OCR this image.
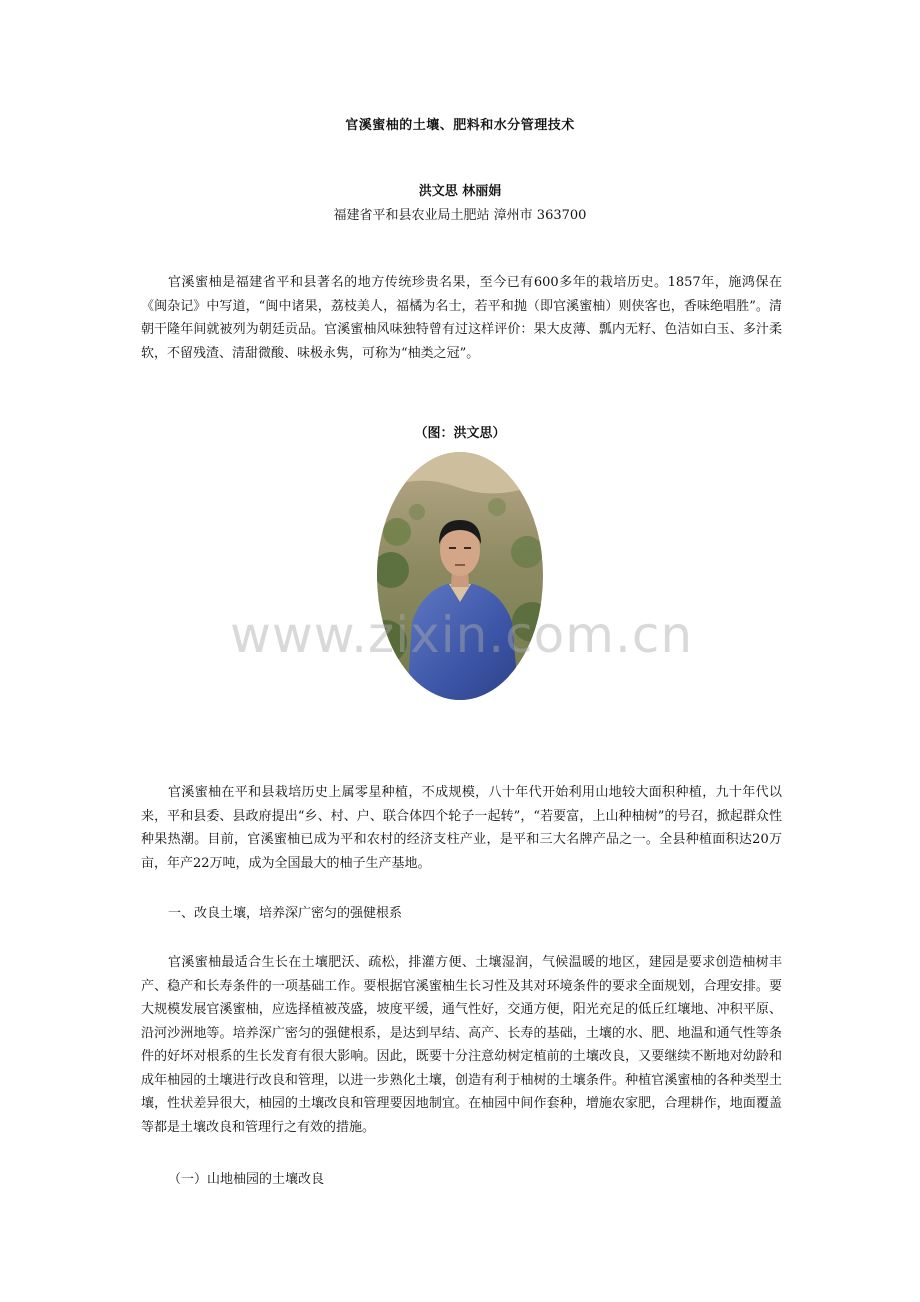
官溪蜜柚的土壤、肥料和水分管理技术
洪文思 林丽娟
福建省平和县农业局土肥站 漳州市 363700

官溪蜜柚是福建省平和县著名的地方传统珍贵名果，至今已有600多年的栽培历史。1857年，施鸿保在《闽杂记》中写道，“闽中诸果，荔枝美人，福橘为名士，若平和抛（即官溪蜜柚）则侠客也，香味绝唱胜”。清朝干隆年间就被列为朝廷贡品。官溪蜜柚风味独特曾有过这样评价：果大皮薄、瓢内无籽、色洁如白玉、多汁柔软，不留残渣、清甜微酸、味极永隽，可称为“柚类之冠”。

（图：洪文思）
www.zixin.com.cn

官溪蜜柚在平和县栽培历史上属零星种植，不成规模，八十年代开始利用山地较大面积种植，九十年代以来，平和县委、县政府提出“乡、村、户、联合体四个轮子一起转”，“若要富，上山种柚树”的号召，掀起群众性种果热潮。目前，官溪蜜柚已成为平和农村的经济支柱产业，是平和三大名牌产品之一。全县种植面积达20万亩，年产22万吨，成为全国最大的柚子生产基地。

一、改良土壤，培养深广密匀的强健根系

官溪蜜柚最适合生长在土壤肥沃、疏松，排灌方便、土壤湿润，气候温暖的地区，建园是要求创造柚树丰产、稳产和长寿条件的一项基础工作。要根据官溪蜜柚生长习性及其对环境条件的要求全面规划，合理安排。要大规模发展官溪蜜柚，应选择植被茂盛，坡度平缓，通气性好，交通方便，阳光充足的低丘红壤地、冲积平原、沿河沙洲地等。培养深广密匀的强健根系，是达到早结、高产、长寿的基础，土壤的水、肥、地温和通气性等条件的好坏对根系的生长发育有很大影响。因此，既要十分注意幼树定植前的土壤改良，又要继续不断地对幼龄和成年柚园的土壤进行改良和管理，以进一步熟化土壤，创造有利于柚树的土壤条件。种植官溪蜜柚的各种类型土壤，性状差异很大，柚园的土壤改良和管理要因地制宜。在柚园中间作套种，增施农家肥，合理耕作，地面覆盖等都是土壤改良和管理行之有效的措施。

（一）山地柚园的土壤改良
